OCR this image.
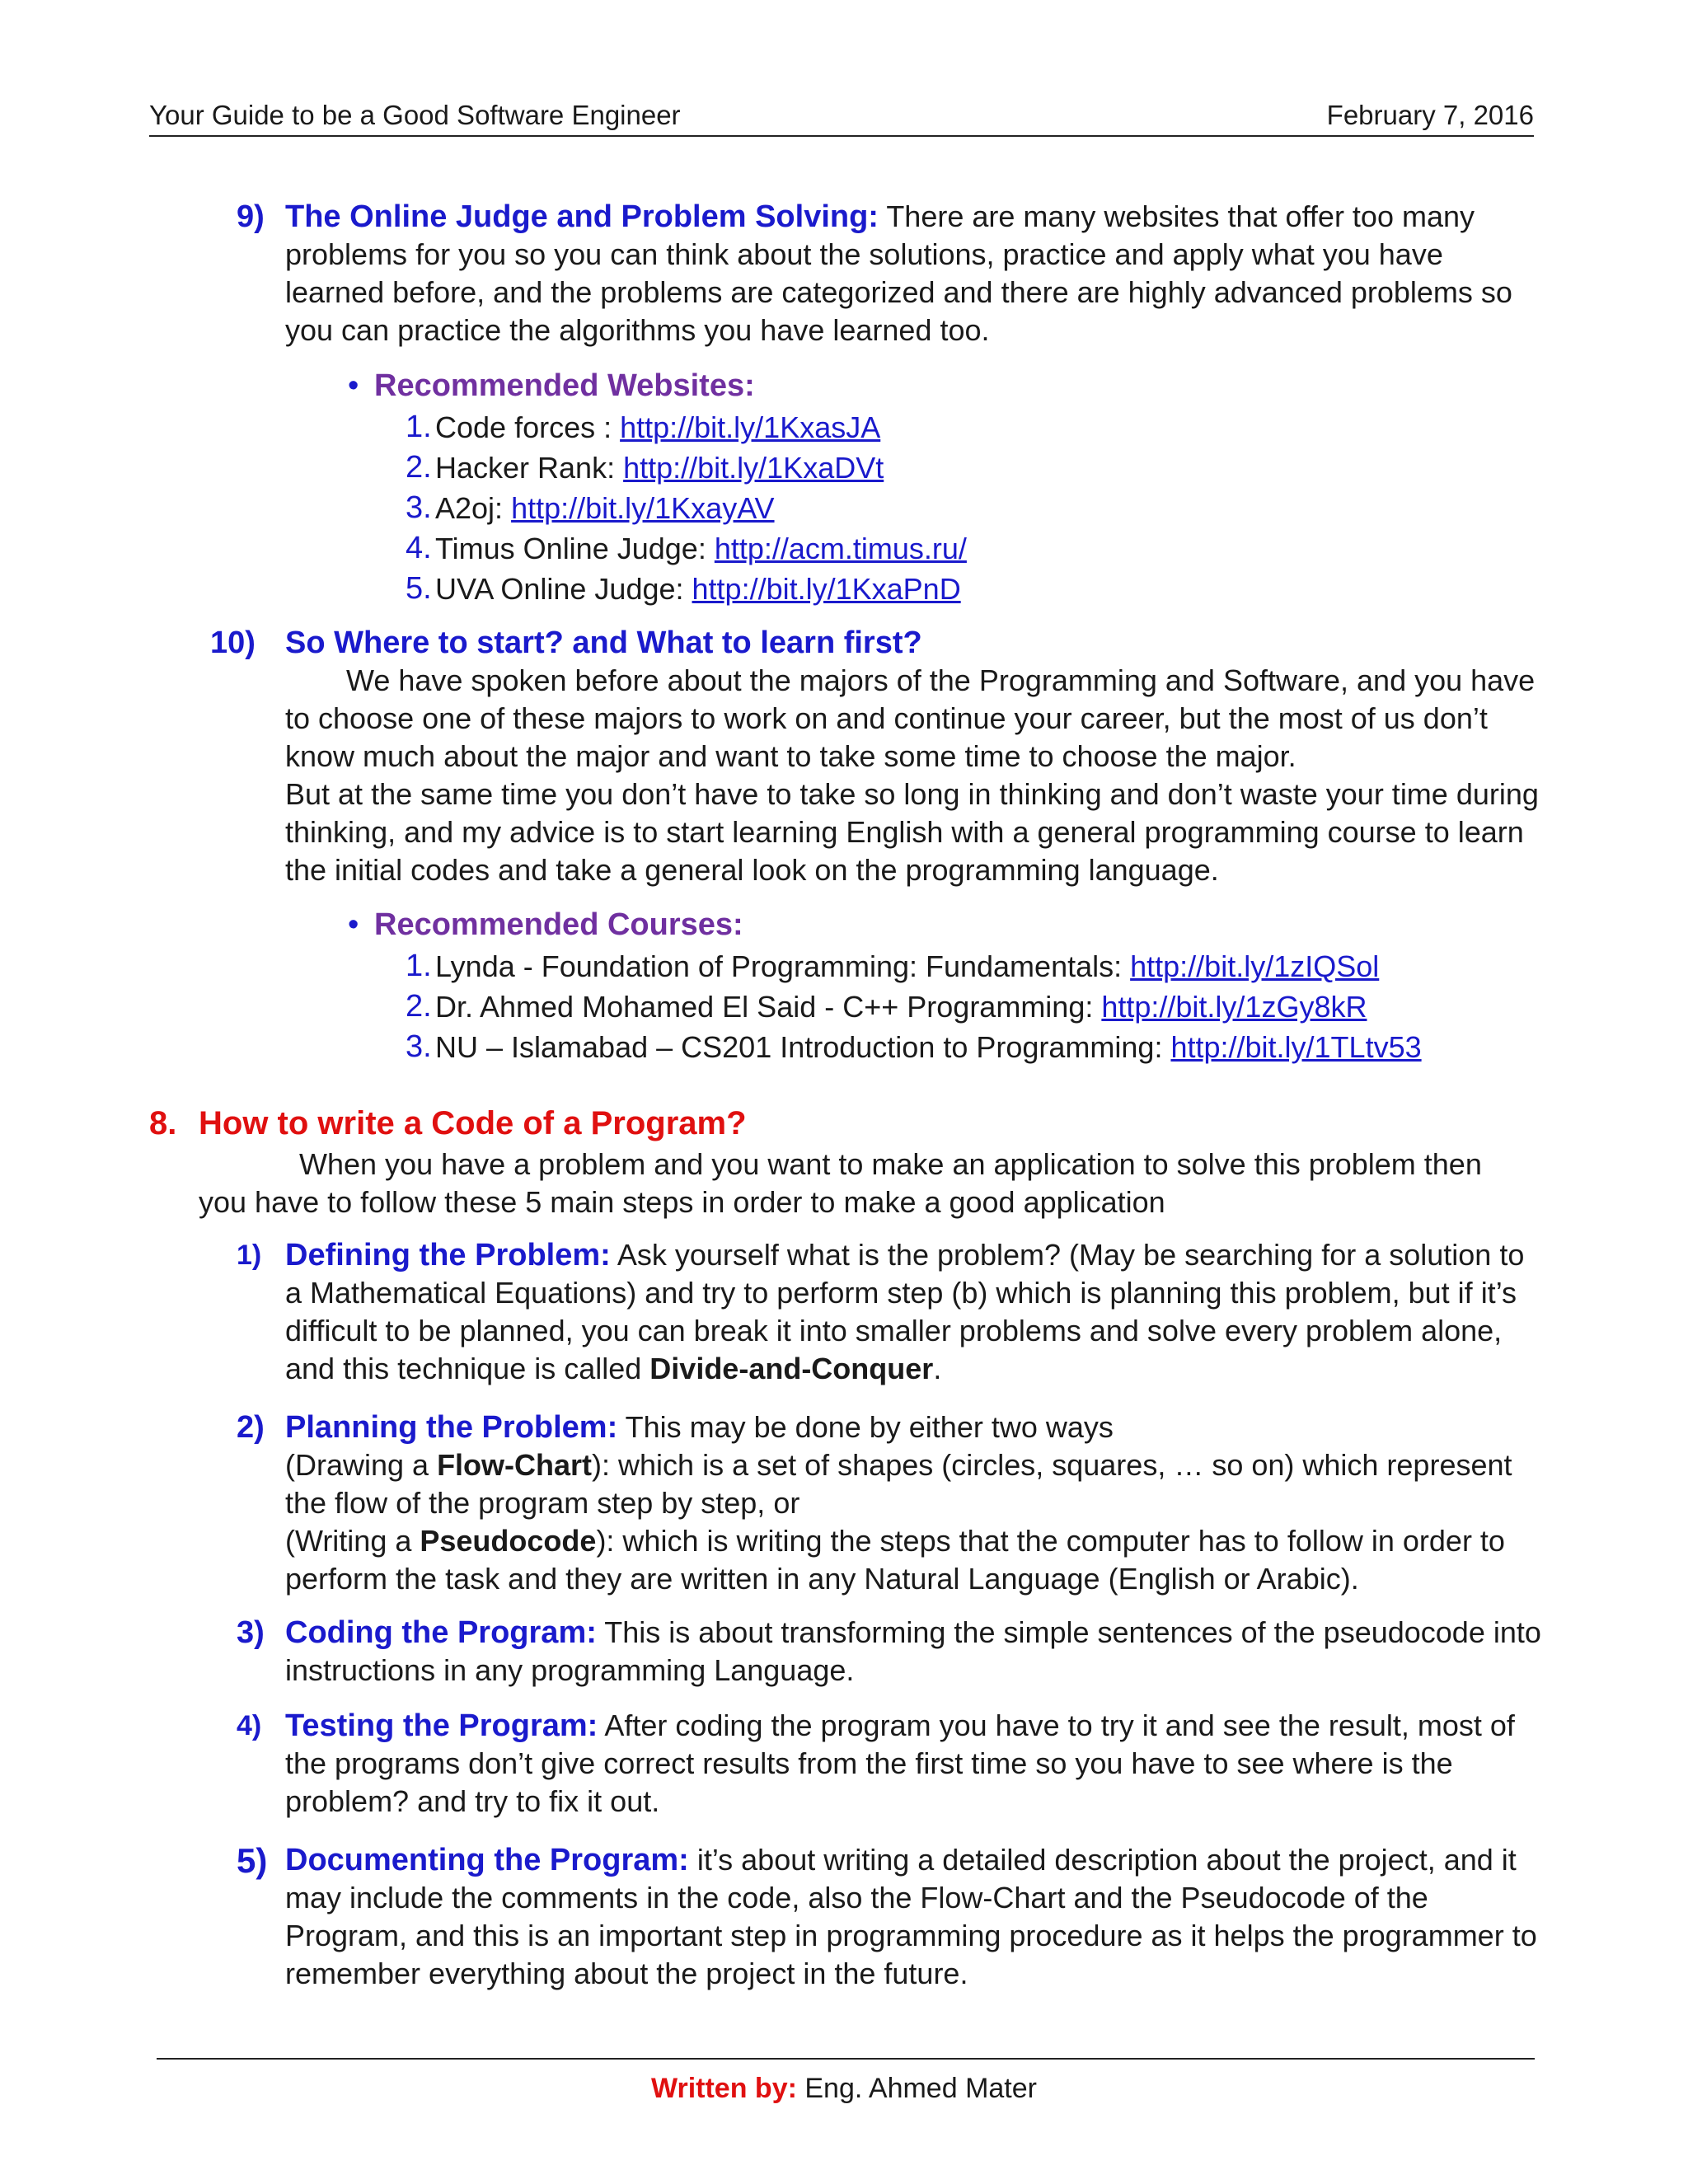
Your Guide to be a Good Software Engineer	February 7, 2016
9) The Online Judge and Problem Solving: There are many websites that offer too many problems for you so you can think about the solutions, practice and apply what you have learned before, and the problems are categorized and there are highly advanced problems so you can practice the algorithms you have learned too.
• Recommended Websites:
1. Code forces : http://bit.ly/1KxasJA
2. Hacker Rank: http://bit.ly/1KxaDVt
3. A2oj: http://bit.ly/1KxayAV
4. Timus Online Judge: http://acm.timus.ru/
5. UVA Online Judge: http://bit.ly/1KxaPnD
10) So Where to start? and What to learn first?
We have spoken before about the majors of the Programming and Software, and you have to choose one of these majors to work on and continue your career, but the most of us don’t know much about the major and want to take some time to choose the major.
But at the same time you don’t have to take so long in thinking and don’t waste your time during thinking, and my advice is to start learning English with a general programming course to learn the initial codes and take a general look on the programming language.
• Recommended Courses:
1. Lynda - Foundation of Programming: Fundamentals: http://bit.ly/1zIQSol
2. Dr. Ahmed Mohamed El Said - C++ Programming: http://bit.ly/1zGy8kR
3. NU – Islamabad – CS201 Introduction to Programming: http://bit.ly/1TLtv53
8. How to write a Code of a Program?
When you have a problem and you want to make an application to solve this problem then you have to follow these 5 main steps in order to make a good application
1) Defining the Problem: Ask yourself what is the problem? (May be searching for a solution to a Mathematical Equations) and try to perform step (b) which is planning this problem, but if it’s difficult to be planned, you can break it into smaller problems and solve every problem alone, and this technique is called Divide-and-Conquer.
2) Planning the Problem: This may be done by either two ways
(Drawing a Flow-Chart): which is a set of shapes (circles, squares, … so on) which represent the flow of the program step by step, or
(Writing a Pseudocode): which is writing the steps that the computer has to follow in order to perform the task and they are written in any Natural Language (English or Arabic).
3) Coding the Program: This is about transforming the simple sentences of the pseudocode into instructions in any programming Language.
4) Testing the Program: After coding the program you have to try it and see the result, most of the programs don’t give correct results from the first time so you have to see where is the problem? and try to fix it out.
5) Documenting the Program: it’s about writing a detailed description about the project, and it may include the comments in the code, also the Flow-Chart and the Pseudocode of the Program, and this is an important step in programming procedure as it helps the programmer to remember everything about the project in the future.
Written by: Eng. Ahmed Mater
